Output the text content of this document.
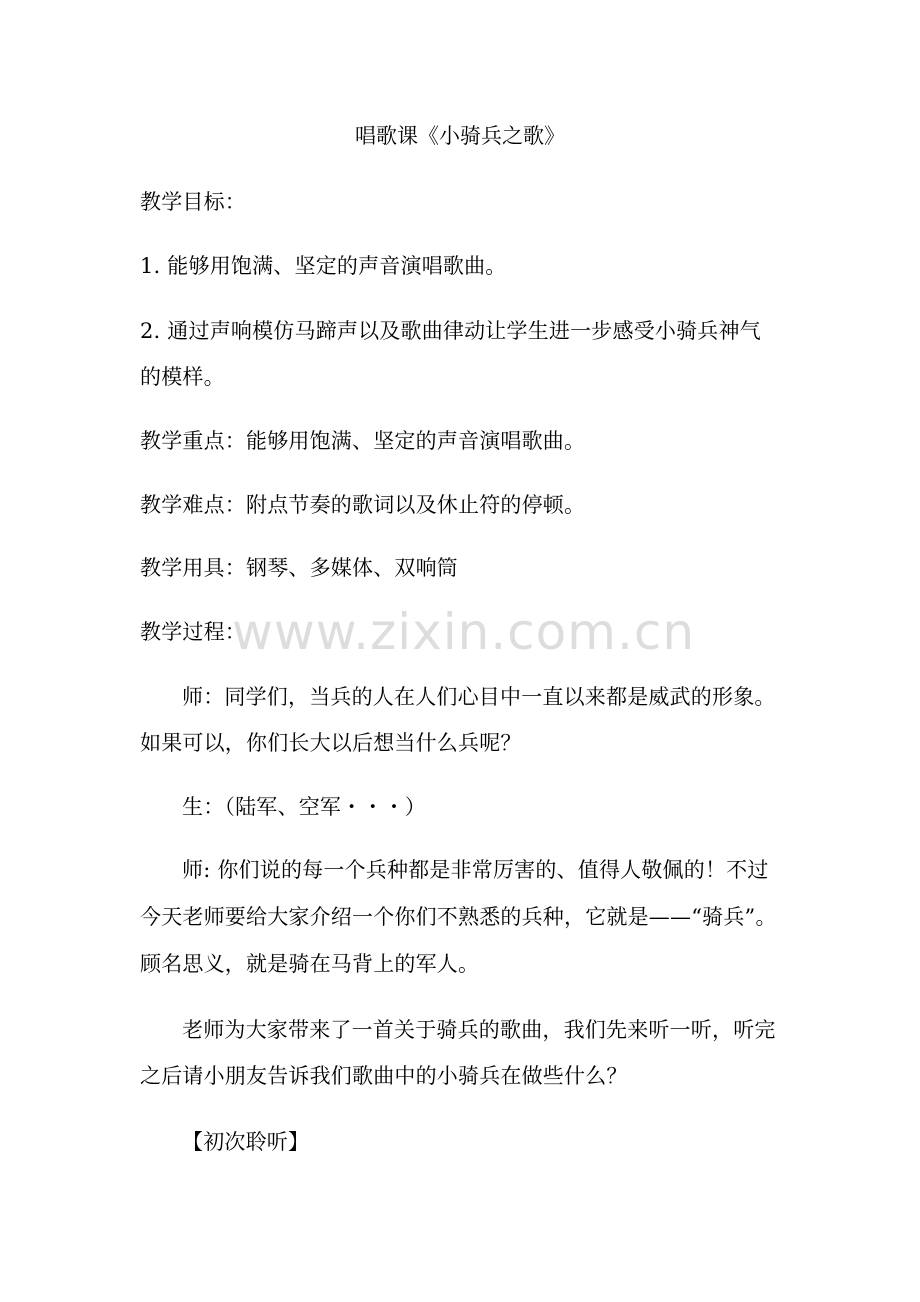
唱歌课《小骑兵之歌》
教学目标：
1. 能够用饱满、坚定的声音演唱歌曲。
2. 通过声响模仿马蹄声以及歌曲律动让学生进一步感受小骑兵神气
的模样。
教学重点：能够用饱满、坚定的声音演唱歌曲。
教学难点：附点节奏的歌词以及休止符的停顿。
教学用具：钢琴、多媒体、双响筒
教学过程：
师：同学们，当兵的人在人们心目中一直以来都是威武的形象。
如果可以，你们长大以后想当什么兵呢？
生：（陆军、空军・・・）
师: 你们说的每一个兵种都是非常厉害的、值得人敬佩的！不过
今天老师要给大家介绍一个你们不熟悉的兵种，它就是——“骑兵”。
顾名思义，就是骑在马背上的军人。
老师为大家带来了一首关于骑兵的歌曲，我们先来听一听，听完
之后请小朋友告诉我们歌曲中的小骑兵在做些什么？
【初次聆听】
www.zixin.com.cn
